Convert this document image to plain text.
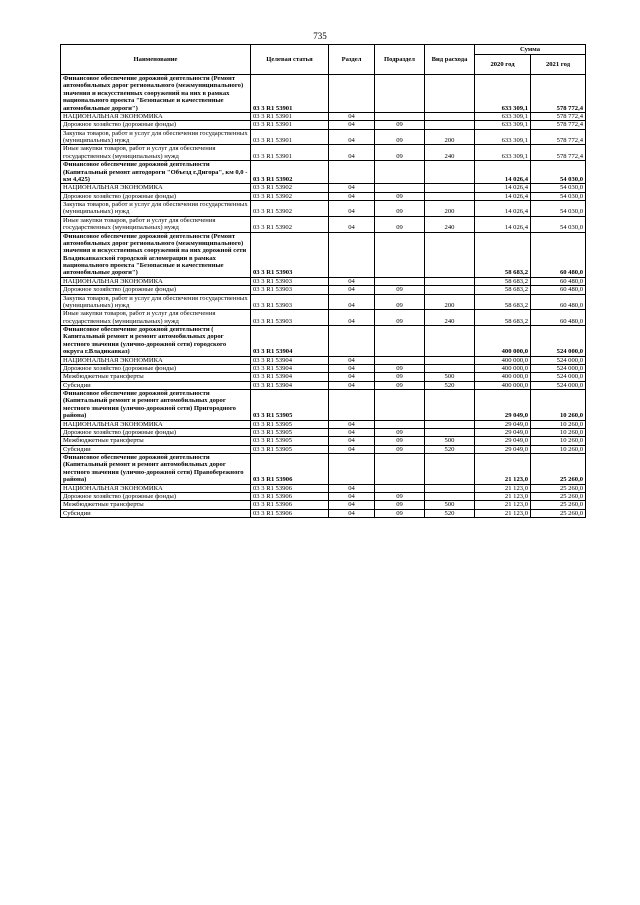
735
Наименование	Целевая статья	Раздел	Подраздел	Вид расхода	Сумма	
					2020 год	2021 год
Финансовое обеспечение дорожной деятельности (Ремонт автомобильных дорог регионального (межмуниципального) значения и искусственных сооружений на них в рамках национального проекта "Безопасные и качественные автомобильные дороги")	03 3 R1 53901				633 309,1	578 772,4
НАЦИОНАЛЬНАЯ ЭКОНОМИКА	03 3 R1 53901	04			633 309,1	578 772,4
Дорожное хозяйство (дорожные фонды)	03 3 R1 53901	04	09		633 309,1	578 772,4
Закупка товаров, работ и услуг для обеспечения государственных (муниципальных) нужд	03 3 R1 53901	04	09	200	633 309,1	578 772,4
Иные закупки товаров, работ и услуг для обеспечения государственных (муниципальных) нужд	03 3 R1 53901	04	09	240	633 309,1	578 772,4
Финансовое обеспечение дорожной деятельности (Капитальный ремонт автодороги "Объезд г.Дигора", км 0,0 - км 4,425)	03 3 R1 53902				14 026,4	54 030,0
НАЦИОНАЛЬНАЯ ЭКОНОМИКА	03 3 R1 53902	04			14 026,4	54 030,0
Дорожное хозяйство (дорожные фонды)	03 3 R1 53902	04	09		14 026,4	54 030,0
Закупка товаров, работ и услуг для обеспечения государственных (муниципальных) нужд	03 3 R1 53902	04	09	200	14 026,4	54 030,0
Иные закупки товаров, работ и услуг для обеспечения государственных (муниципальных) нужд	03 3 R1 53902	04	09	240	14 026,4	54 030,0
Финансовое обеспечение дорожной деятельности (Ремонт автомобильных дорог регионального (межмуниципального) значения и искусственных сооружений на них дорожной сети Владикавказской городской агломерации в рамках национального проекта "Безопасные и качественные автомобильные дороги")	03 3 R1 53903				58 683,2	60 480,0
НАЦИОНАЛЬНАЯ ЭКОНОМИКА	03 3 R1 53903	04			58 683,2	60 480,0
Дорожное хозяйство (дорожные фонды)	03 3 R1 53903	04	09		58 683,2	60 480,0
Закупка товаров, работ и услуг для обеспечения государственных (муниципальных) нужд	03 3 R1 53903	04	09	200	58 683,2	60 480,0
Иные закупки товаров, работ и услуг для обеспечения государственных (муниципальных) нужд	03 3 R1 53903	04	09	240	58 683,2	60 480,0
Финансовое обеспечение дорожной деятельности ( Капитальный ремонт и ремонт автомобильных дорог местного значения (улично-дорожной сети) городского округа г.Владикавказ)	03 3 R1 53904				400 000,0	524 000,0
НАЦИОНАЛЬНАЯ ЭКОНОМИКА	03 3 R1 53904	04			400 000,0	524 000,0
Дорожное хозяйство (дорожные фонды)	03 3 R1 53904	04	09		400 000,0	524 000,0
Межбюджетные трансферты	03 3 R1 53904	04	09	500	400 000,0	524 000,0
Субсидии	03 3 R1 53904	04	09	520	400 000,0	524 000,0
Финансовое обеспечение дорожной деятельности (Капитальный ремонт и ремонт автомобильных дорог местного значения (улично-дорожной сети) Пригородного района)	03 3 R1 53905				29 049,0	10 260,0
НАЦИОНАЛЬНАЯ ЭКОНОМИКА	03 3 R1 53905	04			29 049,0	10 260,0
Дорожное хозяйство (дорожные фонды)	03 3 R1 53905	04	09		29 049,0	10 260,0
Межбюджетные трансферты	03 3 R1 53905	04	09	500	29 049,0	10 260,0
Субсидии	03 3 R1 53905	04	09	520	29 049,0	10 260,0
Финансовое обеспечение дорожной деятельности (Капитальный ремонт и ремонт автомобильных дорог местного значения (улично-дорожной сети) Правобережного района)	03 3 R1 53906				21 123,0	25 260,0
НАЦИОНАЛЬНАЯ ЭКОНОМИКА	03 3 R1 53906	04			21 123,0	25 260,0
Дорожное хозяйство (дорожные фонды)	03 3 R1 53906	04	09		21 123,0	25 260,0
Межбюджетные трансферты	03 3 R1 53906	04	09	500	21 123,0	25 260,0
Субсидии	03 3 R1 53906	04	09	520	21 123,0	25 260,0
